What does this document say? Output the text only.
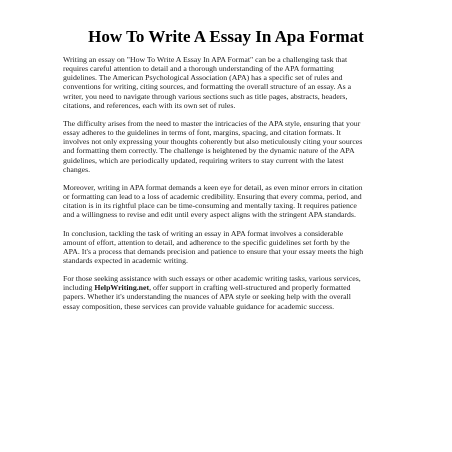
How To Write A Essay In Apa Format

Writing an essay on "How To Write A Essay In APA Format" can be a challenging task that
requires careful attention to detail and a thorough understanding of the APA formatting
guidelines. The American Psychological Association (APA) has a specific set of rules and
conventions for writing, citing sources, and formatting the overall structure of an essay. As a
writer, you need to navigate through various sections such as title pages, abstracts, headers,
citations, and references, each with its own set of rules.

The difficulty arises from the need to master the intricacies of the APA style, ensuring that your
essay adheres to the guidelines in terms of font, margins, spacing, and citation formats. It
involves not only expressing your thoughts coherently but also meticulously citing your sources
and formatting them correctly. The challenge is heightened by the dynamic nature of the APA
guidelines, which are periodically updated, requiring writers to stay current with the latest
changes.

Moreover, writing in APA format demands a keen eye for detail, as even minor errors in citation
or formatting can lead to a loss of academic credibility. Ensuring that every comma, period, and
citation is in its rightful place can be time-consuming and mentally taxing. It requires patience
and a willingness to revise and edit until every aspect aligns with the stringent APA standards.

In conclusion, tackling the task of writing an essay in APA format involves a considerable
amount of effort, attention to detail, and adherence to the specific guidelines set forth by the
APA. It's a process that demands precision and patience to ensure that your essay meets the high
standards expected in academic writing.

For those seeking assistance with such essays or other academic writing tasks, various services,
including HelpWriting.net, offer support in crafting well-structured and properly formatted
papers. Whether it's understanding the nuances of APA style or seeking help with the overall
essay composition, these services can provide valuable guidance for academic success.
